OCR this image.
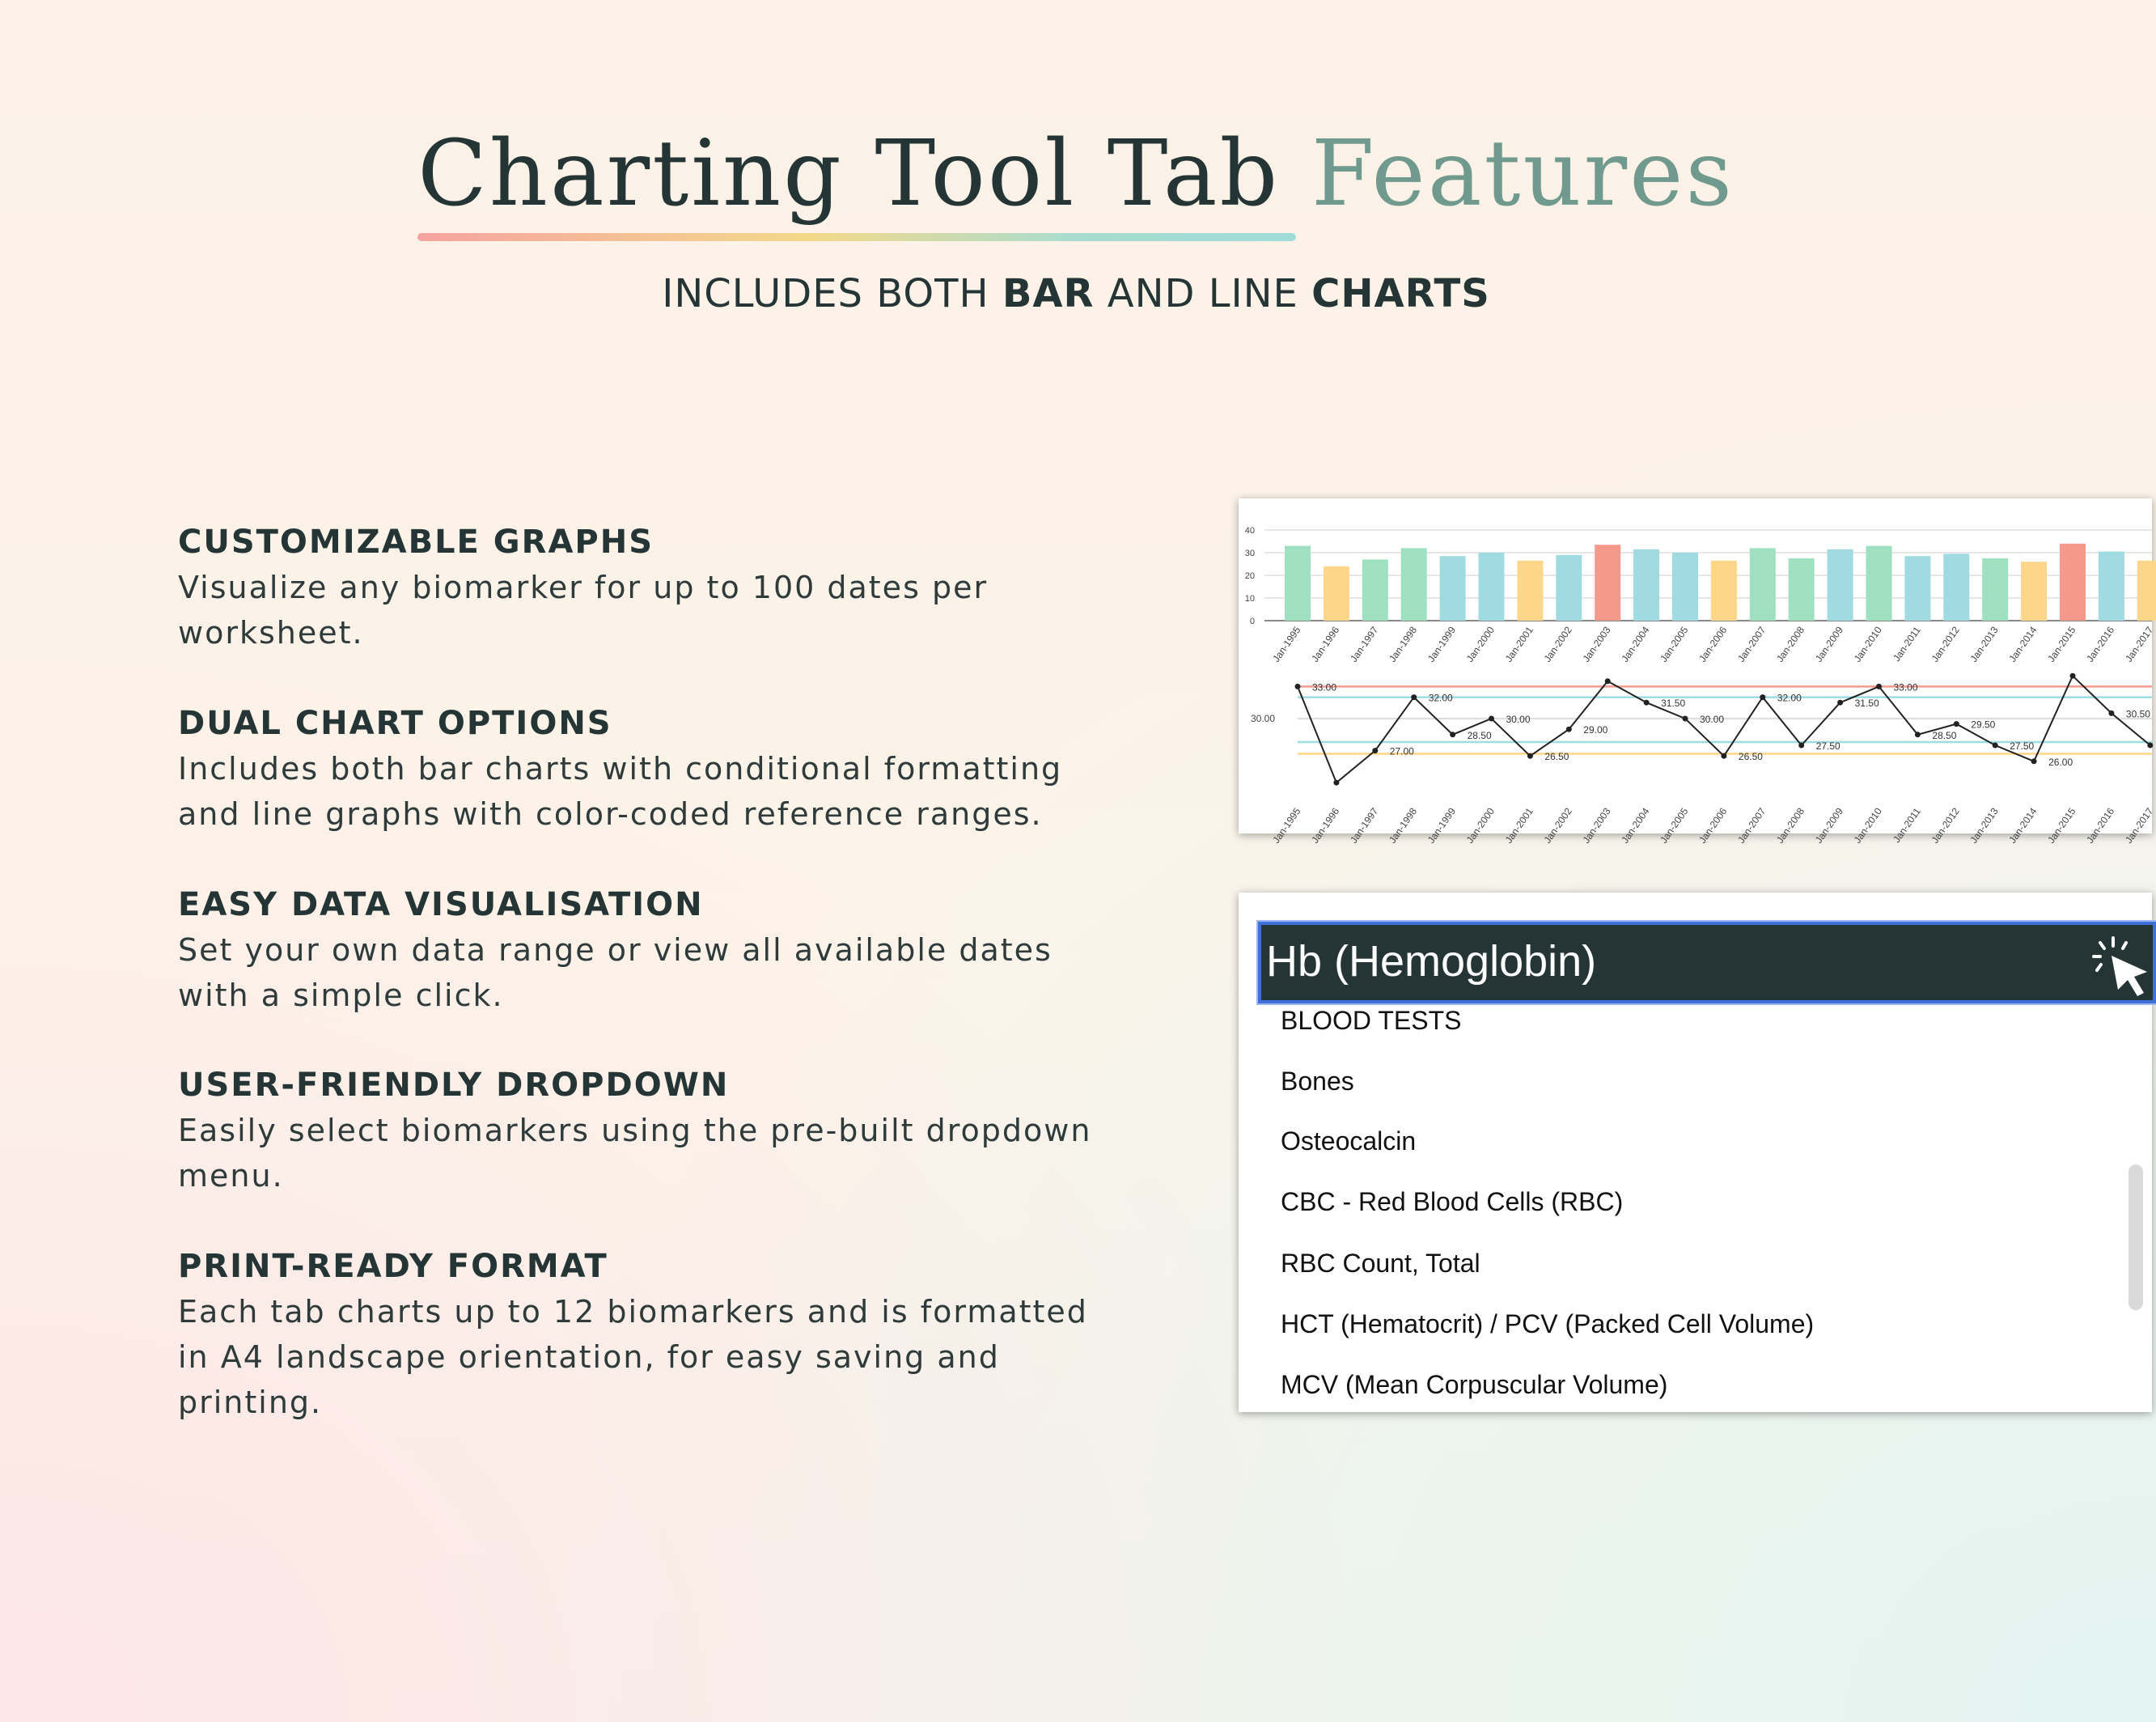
Charting Tool Tab Features
INCLUDES BOTH BAR AND LINE CHARTS
CUSTOMIZABLE GRAPHS

Visualize any biomarker for up to 100 dates per worksheet.

DUAL CHART OPTIONS

Includes both bar charts with conditional formatting and line graphs with color-coded reference ranges.

EASY DATA VISUALISATION

Set your own data range or view all available dates with a simple click.

USER-FRIENDLY DROPDOWN

Easily select biomarkers using the pre-built dropdown menu.

PRINT-READY FORMAT

Each tab charts up to 12 biomarkers and is formatted in A4 landscape orientation, for easy saving and printing.

0
10
20
30
40
Jan-1995 Jan-1996 Jan-1997 Jan-1998 Jan-1999 Jan-2000 Jan-2001 Jan-2002 Jan-2003 Jan-2004 Jan-2005 Jan-2006 Jan-2007 Jan-2008 Jan-2009 Jan-2010 Jan-2011 Jan-2012 Jan-2013 Jan-2014 Jan-2015 Jan-2016 Jan-2017
30.00
33.00
Jan-1995 Jan-1996
27.00
Jan-1997
32.00
Jan-1998
28.50
Jan-1999
30.00
Jan-2000
26.50
Jan-2001
29.00
Jan-2002 Jan-2003
31.50
Jan-2004
30.00
Jan-2005
26.50
Jan-2006
32.00
Jan-2007
27.50
Jan-2008
31.50
Jan-2009
33.00
Jan-2010
28.50
Jan-2011
29.50
Jan-2012
27.50
Jan-2013
26.00
Jan-2014 Jan-2015
30.50
Jan-2016 Jan-2017
Hb (Hemoglobin)
BLOOD TESTS
Bones
Osteocalcin
CBC - Red Blood Cells (RBC)
RBC Count, Total
HCT (Hematocrit) / PCV (Packed Cell Volume)
MCV (Mean Corpuscular Volume)
